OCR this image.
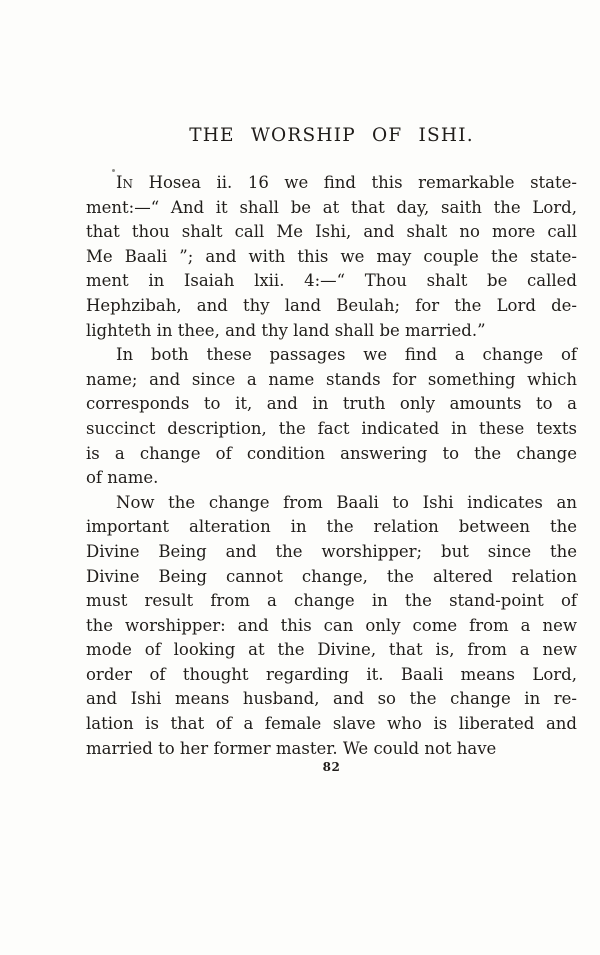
THE WORSHIP OF ISHI.
In Hosea ii. 16 we find this remarkable state-
ment:—“ And it shall be at that day, saith the Lord,
that thou shalt call Me Ishi, and shalt no more call
Me Baali ”; and with this we may couple the state-
ment in Isaiah lxii. 4:—“ Thou shalt be called
Hephzibah, and thy land Beulah; for the Lord de-
lighteth in thee, and thy land shall be married.”
In both these passages we find a change of
name; and since a name stands for something which
corresponds to it, and in truth only amounts to a
succinct description, the fact indicated in these texts
is a change of condition answering to the change
of name.
Now the change from Baali to Ishi indicates an
important alteration in the relation between the
Divine Being and the worshipper; but since the
Divine Being cannot change, the altered relation
must result from a change in the stand-point of
the worshipper: and this can only come from a new
mode of looking at the Divine, that is, from a new
order of thought regarding it. Baali means Lord,
and Ishi means husband, and so the change in re-
lation is that of a female slave who is liberated and
married to her former master. We could not have
82
